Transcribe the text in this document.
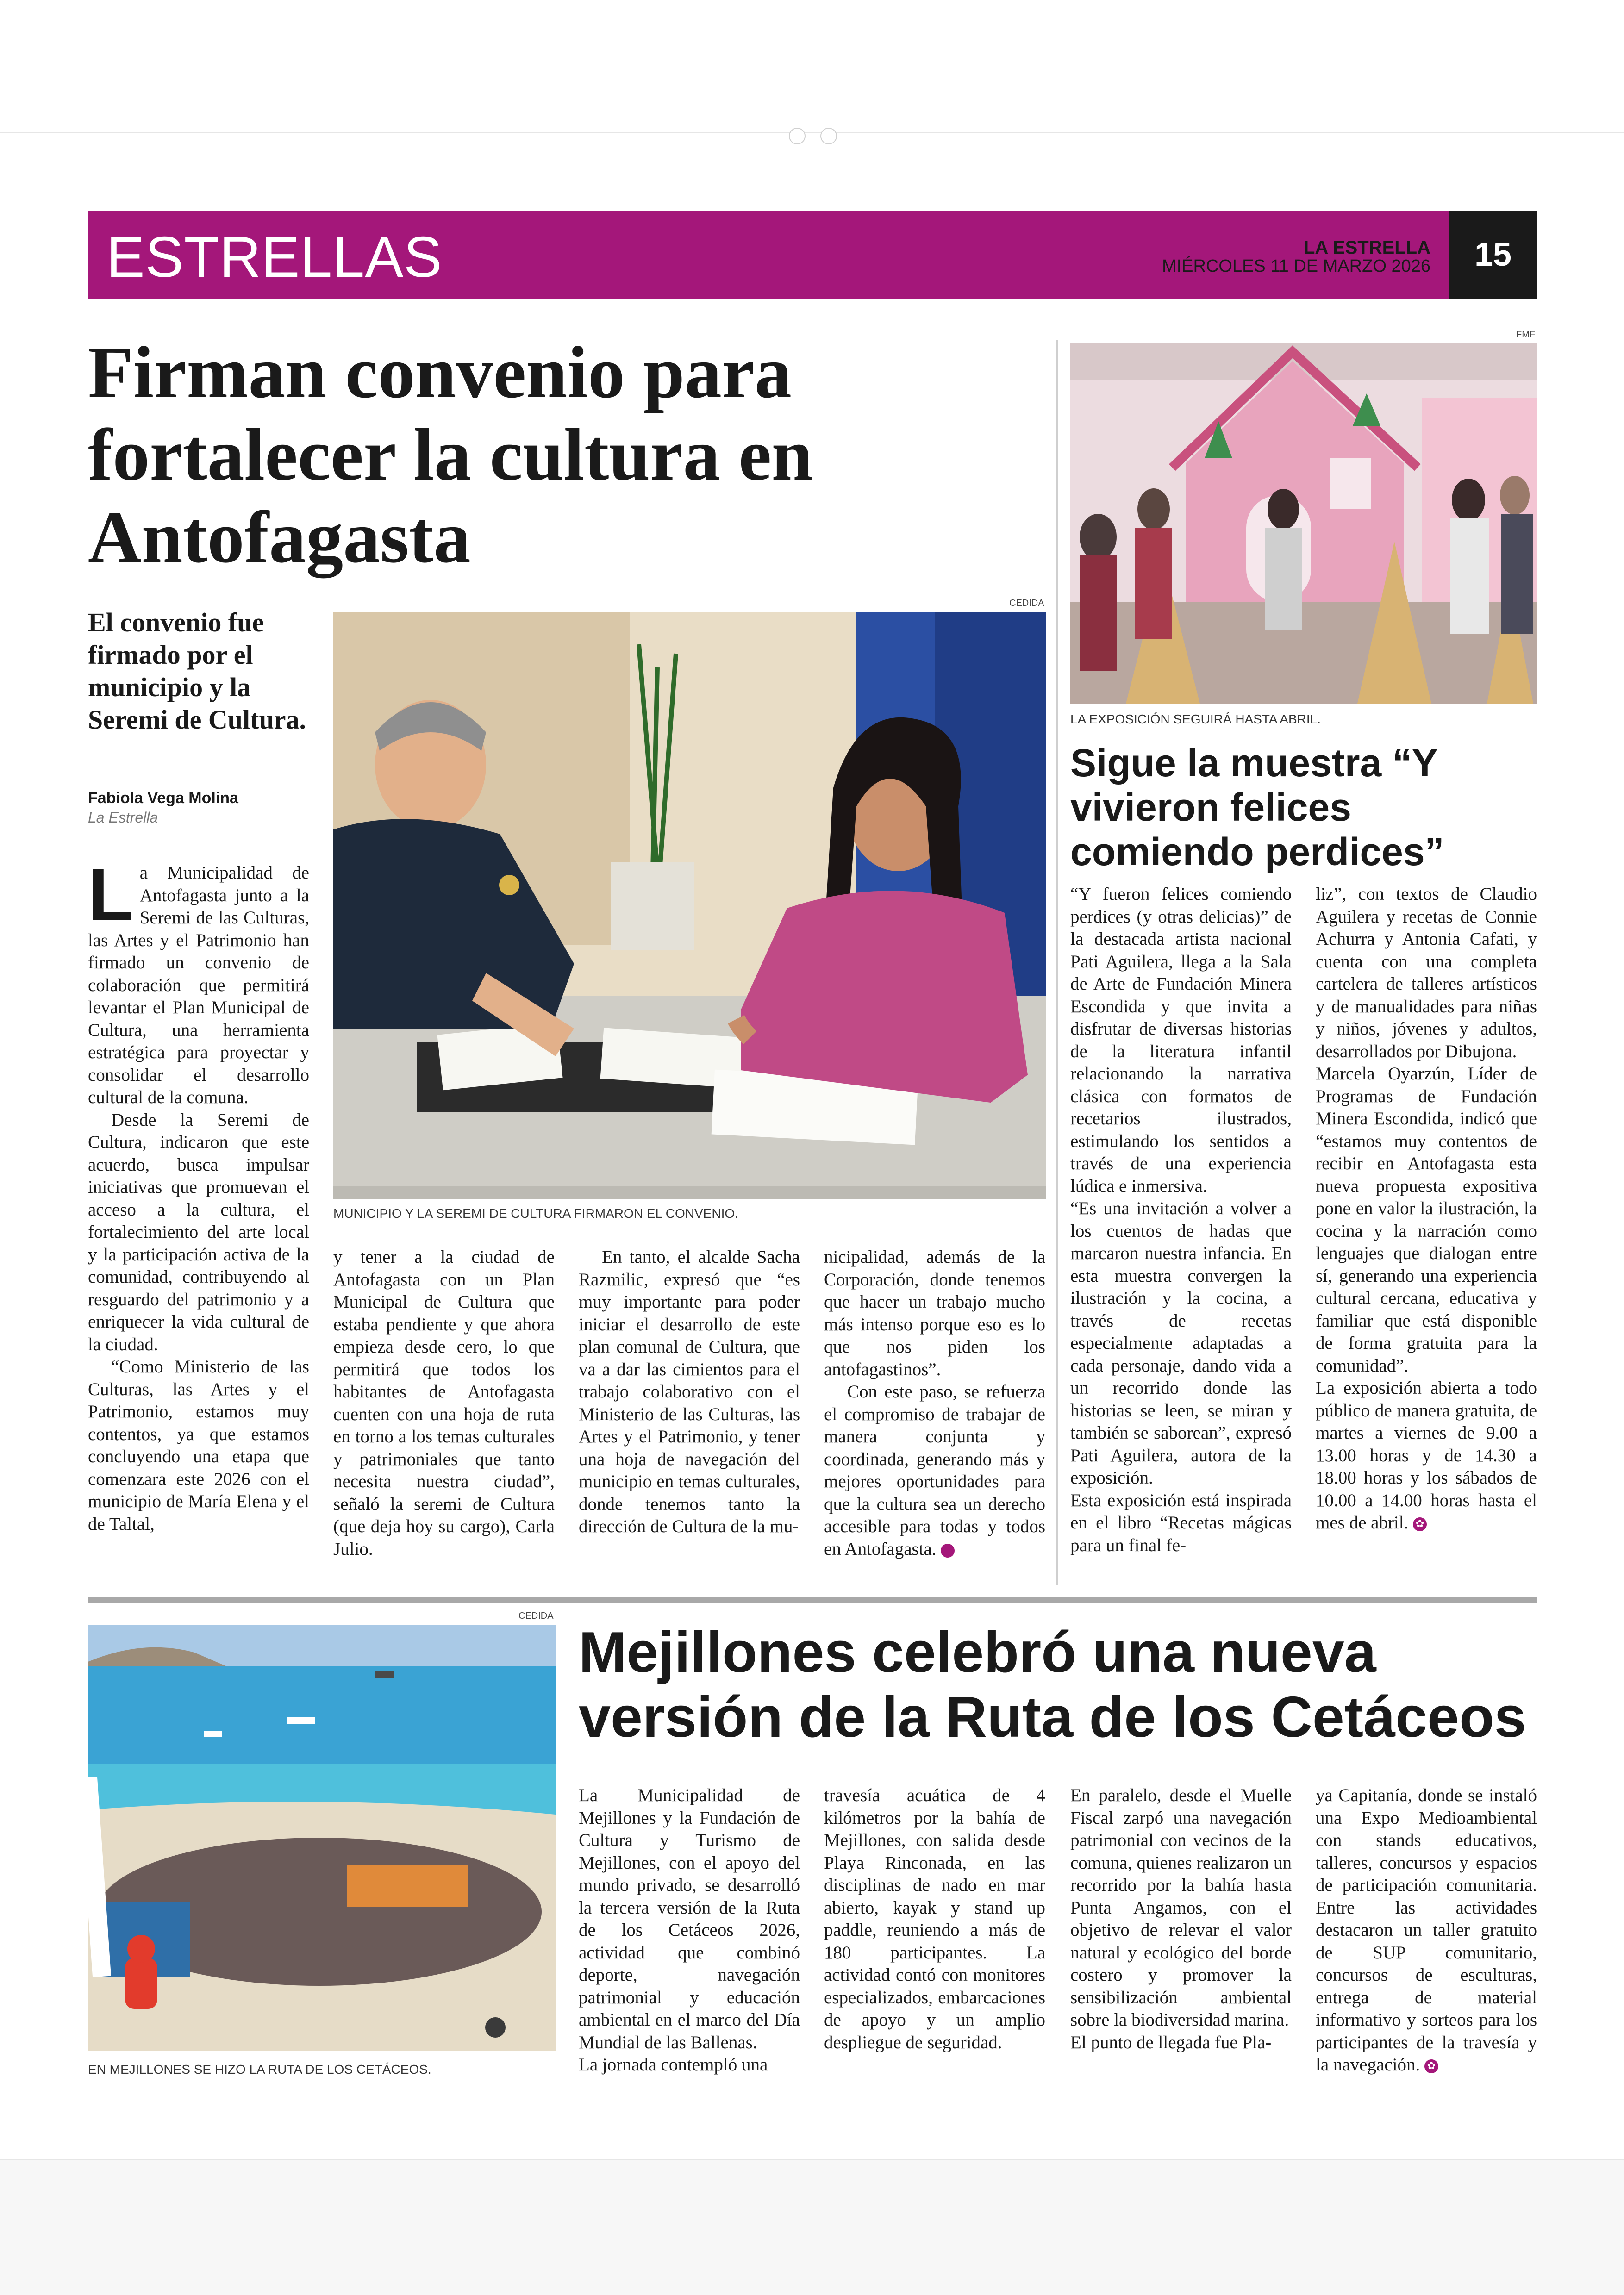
ESTRELLAS	LA ESTRELLA
MIÉRCOLES 11 DE MARZO 2026	15
Firman convenio para fortalecer la cultura en Antofagasta
El convenio fue firmado por el municipio y la Seremi de Cultura.
Fabiola Vega Molina
La Estrella
CEDIDA
MUNICIPIO Y LA SEREMI DE CULTURA FIRMARON EL CONVENIO.
L a Municipalidad de Antofagasta junto a la Seremi de las Culturas, las Artes y el Patrimonio han firmado un convenio de colaboración que permitirá levantar el Plan Municipal de Cultura, una herramienta estratégica para proyectar y consolidar el desarrollo cultural de la comuna.

Desde la Seremi de Cultura, indicaron que este acuerdo, busca impulsar iniciativas que promuevan el acceso a la cultura, el fortalecimiento del arte local y la participación activa de la comunidad, contribuyendo al resguardo del patrimonio y a enriquecer la vida cultural de la ciudad.

“Como Ministerio de las Culturas, las Artes y el Patrimonio, estamos muy contentos, ya que estamos concluyendo una etapa que comenzara este 2026 con el municipio de María Elena y el de Taltal,

y tener a la ciudad de Antofagasta con un Plan Municipal de Cultura que estaba pendiente y que ahora empieza desde cero, lo que permitirá que todos los habitantes de Antofagasta cuenten con una hoja de ruta en torno a los temas culturales y patrimoniales que tanto necesita nuestra ciudad”, señaló la seremi de Cultura (que deja hoy su cargo), Carla Julio.

En tanto, el alcalde Sacha Razmilic, expresó que “es muy importante para poder iniciar el desarrollo de este plan comunal de Cultura, que va a dar las cimientos para el trabajo colaborativo con el Ministerio de las Culturas, las Artes y el Patrimonio, y tener una hoja de navegación del municipio en temas culturales, donde tenemos tanto la dirección de Cultura de la mu-

nicipalidad, además de la Corporación, donde tenemos que hacer un trabajo mucho más intenso porque eso es lo que nos piden los antofagastinos”.

Con este paso, se refuerza el compromiso de trabajar de manera conjunta y coordinada, generando más y mejores oportunidades para que la cultura sea un derecho accesible para todas y todos en Antofagasta.	✿

FME
LA EXPOSICIÓN SEGUIRÁ HASTA ABRIL.
Sigue la muestra “Y vivieron felices comiendo perdices”

“Y fueron felices comiendo perdices (y otras delicias)” de la destacada artista nacional Pati Aguilera, llega a la Sala de Arte de Fundación Minera Escondida y que invita a disfrutar de diversas historias de la literatura infantil relacionando la narrativa clásica con formatos de recetarios ilustrados, estimulando los sentidos a través de una experiencia lúdica e inmersiva.

“Es una invitación a volver a los cuentos de hadas que marcaron nuestra infancia. En esta muestra convergen la ilustración y la cocina, a través de recetas especialmente adaptadas a cada personaje, dando vida a un recorrido donde las historias se leen, se miran y también se saborean”, expresó Pati Aguilera, autora de la exposición.

Esta exposición está inspirada en el libro “Recetas mágicas para un final fe-

liz”, con textos de Claudio Aguilera y recetas de Connie Achurra y Antonia Cafati, y cuenta con una completa cartelera de talleres artísticos y de manualidades para niñas y niños, jóvenes y adultos, desarrollados por Dibujona.

Marcela Oyarzún, Líder de Programas de Fundación Minera Escondida, indicó que “estamos muy contentos de recibir en Antofagasta esta nueva propuesta expositiva pone en valor la ilustración, la cocina y la narración como lenguajes que dialogan entre sí, generando una experiencia cultural cercana, educativa y familiar que está disponible de forma gratuita para la comunidad”.

La exposición abierta a todo público de manera gratuita, de martes a viernes de 9.00 a 13.00 horas y de 14.30 a 18.00 horas y los sábados de 10.00 a 14.00 horas hasta el mes de abril. ✿

CEDIDA
EN MEJILLONES SE HIZO LA RUTA DE LOS CETÁCEOS.
Mejillones celebró una nueva versión de la Ruta de los Cetáceos

La Municipalidad de Mejillones y la Fundación de Cultura y Turismo de Mejillones, con el apoyo del mundo privado, se desarrolló la tercera versión de la Ruta de los Cetáceos 2026, actividad que combinó deporte, navegación patrimonial y educación ambiental en el marco del Día Mundial de las Ballenas.

La jornada contempló una

travesía acuática de 4 kilómetros por la bahía de Mejillones, con salida desde Playa Rinconada, en las disciplinas de nado en mar abierto, kayak y stand up paddle, reuniendo a más de 180 participantes. La actividad contó con monitores especializados, embarcaciones de apoyo y un amplio despliegue de seguridad.

En paralelo, desde el Muelle Fiscal zarpó una navegación patrimonial con vecinos de la comuna, quienes realizaron un recorrido por la bahía hasta Punta Angamos, con el objetivo de relevar el valor natural y ecológico del borde costero y promover la sensibilización ambiental sobre la biodiversidad marina.

El punto de llegada fue Pla-

ya Capitanía, donde se instaló una Expo Medioambiental con stands educativos, talleres, concursos y espacios de participación comunitaria. Entre las actividades destacaron un taller gratuito de SUP comunitario, concursos de esculturas, entrega de material informativo y sorteos para los participantes de la travesía y la navegación. ✿
